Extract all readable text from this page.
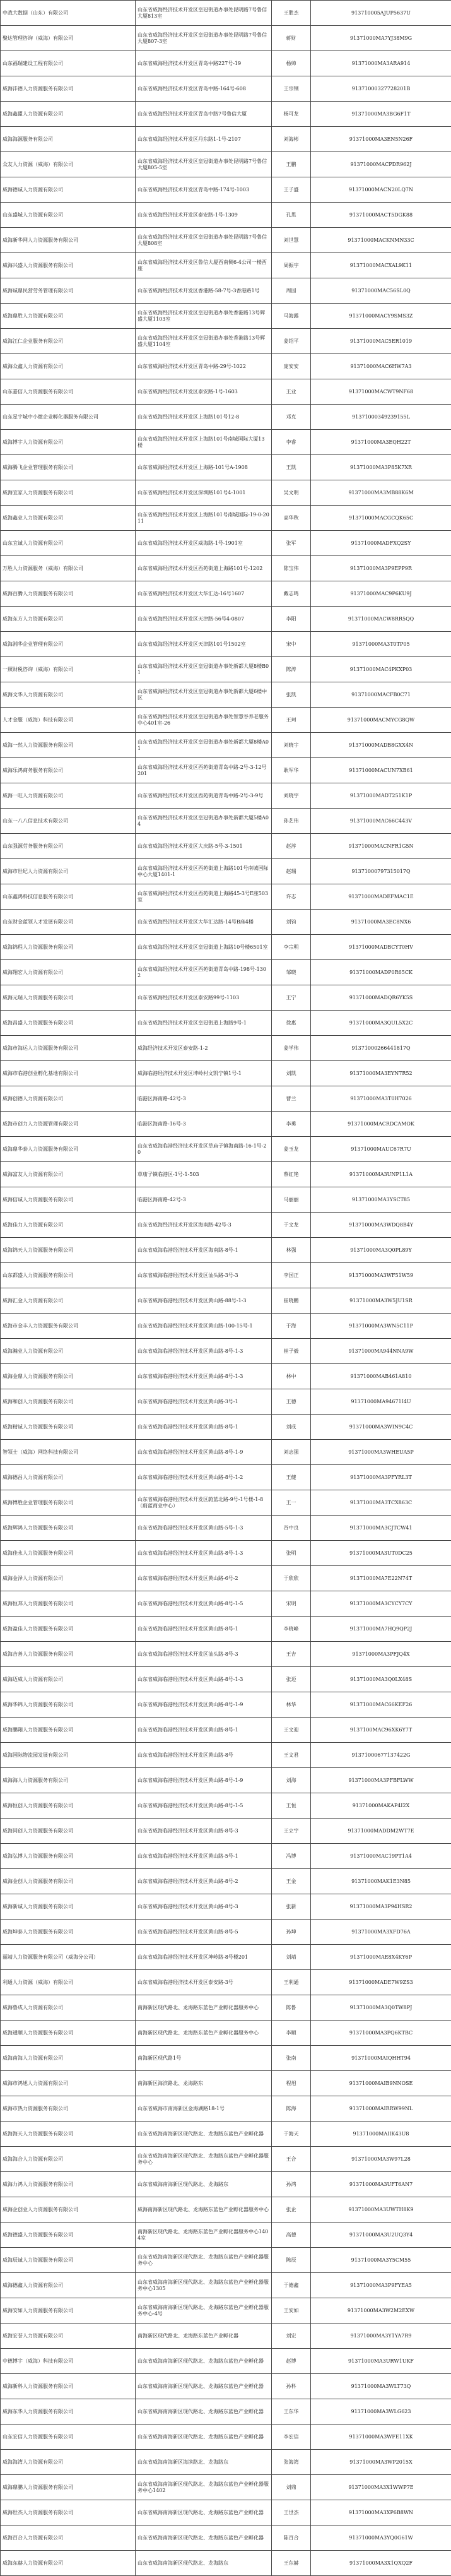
中战大数据（山东）有限公司	山东省威海经济技术开发区皇冠街道办事处昆明路7号鲁信大厦813室	王胜杰	913710005AJUP5637U
聚达管理咨询（威海）有限公司	山东省威海经济技术开发区皇冠街道办事处昆明路7号鲁信大厦807-3室	蒋财	91371000MA7YJ38M9G
山东福瑞建设工程有限公司	山东省威海经济技术开发区青岛中路227号-19	杨帅	91371000MA3ARA914
威海沣德人力资源服务有限公司	山东省威海经济技术开发区青岛中路-164号-608	王宗钢	91371000327728201B
威海鑫盟人力资源有限公司	山东省威海经济技术开发区青岛中路7号鲁信大厦	杨可龙	91371000MA3BG6F1T
威海海源服务有限公司	山东省威海经济技术开发区丹东路1-1号-2107	刘海彬	91371000MA3EN5N26F
众友人力资源（威海）有限公司	山东省威海经济技术开发区皇冠街道办事处昆明路7号鲁信大厦805-5室	王鹏	91371000MACPDR962J
威海德诚人力资源有限公司	山东省威海经济技术开发区青岛中路-174号-1003	王子盛	91371000MACN20LQ7N
山东盛城人力资源有限公司	山东省威海经济技术开发区泰安路-1号-1309	孔思	91371000MACT5DGK88
威海新华网人力资源服务有限公司	山东省威海经济技术开发区皇冠街道办事处昆明路7号鲁信大厦808室	刘世慧	91371000MACKNMN33C
威海兴盛人力资源服务有限公司	山东省威海经济技术开发区鲁信大厦西南侧6-4公司一楼西座	周振宇	91371000MACXAL9K11
威海诚鼎民营劳务管理有限公司	山东省威海经济技术开发区香港路-58-7号-3香港路1号	周园	91371000MAC56SL0Q
威海鼎胜人力资源有限公司	山东省威海经济技术开发区皇冠街道办事处香港路13号辉盛大厦1103室	马海露	91371000MACY9SMS3Z
威海江仁企业服务有限公司	山东省威海经济技术开发区皇冠街道办事处香港路13号辉盛大厦1104室	姜绍平	91371000MAC5ER1019
威海众鑫人力资源有限公司	山东省威海经济技术开发区青岛中路-29号-1022	庞安安	91371000MAC6HW7A3
山东嘉信人力资源服务有限公司	山东省威海经济技术开发区泰安路-1号-1603	王业	91371000MACWT9NF68
山东星宇城中小微企业孵化器服务有限公司	山东省威海经济技术开发区上海路101号12-8	邓克	91371000349239155L
威海博宇人力资源有限公司	山东省威海经济技术开发区上海路101号南城国际大厦13楼	李睿	91371000MA3EQH22T
威海腾飞企业管理服务有限公司	山东省威海经济技术开发区上海路-101号A-1908	王凯	91371000MA3P85K7XR
威海宜家人力资源服务有限公司	山东省威海经济技术开发区深圳路101号4-1001	吴文明	91371000MA3MB88K6M
威海鑫业人力资源有限公司	山东省威海经济技术开发区上海路101号南城国际-19-0-2011	高华秋	91371000MACGCQK65C
山东宜诚人力资源有限公司	山东省威海经济技术开发区威海路-1号-1901室	张军	91371000MADFXQ2SY
万胜人力资源服务（威海）有限公司	山东省威海经济技术开发区西苑街道上海路101号-1202	陈宝伟	91371000MA3P9EPP9R
威海百腾人力资源服务有限公司	山东省威海经济技术开发区大华汇达-16号1607	戴志鸣	91371000MAC9P6KU9J
威海东方人力资源有限公司	山东省威海经济技术开发区天津路-56号4-0807	李阳	91371000MACW8RR5QQ
威海湘华企业管理有限公司	山东省威海经济技术开发区天津路101号1502室	宋中	91371000MA3T0TP05
一照财税咨询（威海）有限公司	山东省威海经济技术开发区皇冠街道办事处新都大厦8楼B01	陈涛	91371000MAC4PKXP03
威海文华人力资源有限公司	山东省威海经济技术开发区皇冠街道办事处新都大厦6楼中区	张凯	91371000MACFB0C71
人才金服（威海）科技有限公司	山东省威海经济技术开发区皇冠街道办事处智慧谷养老服务中心401室-26	王珂	91371000MACMYCG8QW
威海一然人力资源服务有限公司	山东省威海经济技术开发区皇冠街道办事处新都大厦8楼A01	刘晓宇	91371000MADB8GXX4N
威海乐鸿商务服务有限公司	山东省威海经济技术开发区西苑街道青岛中路-2号-3-12号201	耿军华	91371000MACUN7XB61
威海一旺人力资源有限公司	山东省威海经济技术开发区西苑街道青岛中路-2号-3-9号	刘晓宇	91371000MADT251K1P
山东一八八信息技术有限公司	山东省威海经济技术开发区皇冠街道办事处新都大厦5楼A04	孙艺伟	91371000MAC66C443V
山东强源劳务服务有限公司	山东省威海经济技术开发区大庆路-5号-3-1501	赵淳	91371000MACNFR1G5N
威海市世纪人力资源有限公司	山东省威海经济技术开发区西苑街道上海路101号南城国际中心大厦1401-1	赵瑞	91371000797315017Q
山东鑫鸿科技信息服务有限公司	山东省威海经济技术开发区西苑街道上海路45-3号E座503室	许志	91371000MADEFMAC1E
山东财金蓝领人才发展有限公司	山东省威海经济技术开发区大华汇达路-14号B座4楼	刘钧	91371000MA3EC8NX6
威海锦程人力资源服务有限公司	山东省威海经济技术开发区皇冠街道上海路10号楼6501室	李宗明	91371000MADBCYT0HV
威海翔宏人力资源有限公司	山东省威海经济技术开发区西苑街道青岛中路-198号-1302	邹晓	91371000MADP0R65CK
威海元瑞人力资源服务有限公司	山东省威海经济技术开发区泰安路99号-1103	王宁	91371000MADQR6YK5S
威海昌盛人力资源服务有限公司	山东省威海经济技术开发区皇冠街道上海路9号-1	徐惠	91371000MA3QUL5X2C
威海市海运人力资源服务有限公司	威海经济技术开发区泰安路-1-2	姜学伟	91371000266441817Q
威海市临港创业孵化基地有限公司	威海临港经济技术开发区坤岭村文凯宁镇1号-1	刘凯	91371000MA3EYN7R52
威海创德人力资源有限公司	临港区海南路-42号-3	曹兰	91371000MA3T0H7026
威海市创力人力资源管理有限公司	临港区海南路-16号-3	李勇	91371000MACRDCAMOK
威海鼎华泰人力资源服务有限公司	山东省威海临港经济技术开发区草庙子镇海南路-16-1号-20	姜玉龙	91371000MAUC67R7U
威海富友人力资源有限公司	草庙子镇临港区-1号-1-503	蔡红艳	91371000MA3UNP1L1A
威海信诚人力资源服务有限公司	临港区海南路-42号-3	马丽丽	91371000MA3YSCT85
威海佳力人力资源有限公司	山东省威海经济技术开发区海南路-42号-3	于文龙	91371000MA3WDQ8B4Y
威海锦天人力资源服务有限公司	山东省威海临港经济技术开发区海南路-8号-1	林强	91371000MA3Q0PL89Y
山东都盛人力资源服务有限公司	山东省威海临港经济技术开发区汕头路-3号-3	李国正	91371000MA3WF51W59
威海汇金人力资源有限公司	山东省威海临港经济技术开发区黄山路-88号-1-3	崔晓鹏	91371000MA3W5JU1SR
威海市金丰人力资源服务有限公司	山东省威海临港经济技术开发区黄山路-100-15号-1	于海	91371000MA3WN5C11P
威海瀚业人力资源有限公司	山东省威海临港经济技术开发区黄山路-8号-1-3	崔子毅	91371000MA944NNA9W
威海金鼎人力资源服务有限公司	山东省威海临港经济技术开发区黄山路-8号-1-3	林中	91371000MAB461A810
威海和创人力资源服务有限公司	山东省威海临港经济技术开发区黄山路-3号-1	王德	91371000MA94671I4U
威海精诚人力资源服务有限公司	山东省威海临港经济技术开发区黄山路-8号-1	刘成	91371000MA3WIN9C4C
智领士（威海）网络科技有限公司	山东省威海临港经济技术开发区黄山路-8号-1-9	刘志强	91371000MA3WHEUA5P
威海德昌人力资源有限公司	山东省威海临港经济技术开发区黄山路-8号-1-2	王健	91371000MA3PFYRL3T
威海博胜企业管理服务有限公司	山东省威海临港经济技术开发区蔚蓝北路-9号-1号楼-1-8（蔚蓝商业中心）	王一	91371000MA3TCX863C
威海辉鸿人力资源服务有限公司	山东省威海临港经济技术开发区黄山路-5号-1-3	谷中良	91371000MA3CJTCW41
威海佳永人力资源服务有限公司	山东省威海临港经济技术开发区黄山路-8号-1-3	张明	91371000MA3UT0DC25
威海金泽人力资源有限公司	山东省威海临港经济技术开发区黄山路-6号-2	于欣欣	91371000MA7E22N74T
威海恒邦人力资源服务有限公司	山东省威海临港经济技术开发区黄山路-8号-1-5	宋明	91371000MA3CYCY7CY
威海盈佳人力资源服务有限公司	山东省威海临港经济技术开发区黄山路-8号-1	李晓峰	91371000MA7HQ9QP2J
威海吉善人力资源服务有限公司	山东省威海临港经济技术开发区汕头路-8号-3	王吉	91371000MA3PFJQ4X
威海迈威人力资源有限公司	山东省威海临港经济技术开发区黄山路-8号-1-3	张迈	91371000MA3Q0LX48S
威海华锦人力资源服务有限公司	山东省威海临港经济技术开发区黄山路-8号-1-9	林华	91371000MAC66KEF26
威海鹏翔人力资源服务有限公司	山东省威海临港经济技术开发区黄山路-8号-1	王文迎	9137100MAC96XK6Y7T
威海国际物流园发展有限公司	山东省威海临港经济技术开发区黄山路-8号	王文君	91371000677137422G
威海海人力资源服务有限公司	山东省威海临港经济技术开发区黄山路-8号-1-9	刘海	91371000MA3PFBFLWW
威海恒创人力资源服务有限公司	山东省威海临港经济技术开发区黄山路-8号-1-5	王恒	91371000MAKAP4I2X
威海同创人力资源服务有限公司	山东省威海临港经济技术开发区黄山路-8号-3	王立宇	91371000MADDM2WT7E
威海弘博人力资源服务有限公司	山东省威海临港经济技术开发区黄山路-5号-1	冯博	91371000MAC19PT1A4
威海金创人力资源服务有限公司	山东省威海临港经济技术开发区黄山路-8号-2	王金	91371000MAK1E3N85
威海新诚人力资源服务有限公司	山东省威海临港经济技术开发区黄山路-8号-3	张新	91371000MA3P94HSR2
威海坤泰人力资源服务有限公司	山东省威海临港经济技术开发区黄山路-8号-5	孙坤	91371000MA3XFD76A
丽靖人力资源服务有限公司（威海分公司）	山东省威海临港经济技术开发区坤岭路-8号楼201	刘靖	91371000MAE8X4KY6P
利通人力资源（威海）有限公司	山东省威海临港经济技术开发区泰安路-3号	王利通	91371000MADE7W9ZS3
威海鲁成人力资源有限公司	南海新区现代路北、龙海路东蓝色产业孵化器服务中心	陈鲁	91371000MA3Q0TW8PJ
威海通顺人力资源服务有限公司	南海新区现代路北、龙海路东蓝色产业孵化器服务中心	李顺	91371000MA3PQ6KTBC
威海南海人力资源有限公司	南海新区现代路1号	张南	91371000MAIQHHT94
威海市鸿旭人力资源有限公司	南海新区海滨路北、龙海路东	程旭	91371000MAIB9NNOSE
威海市热力资源服务有限公司	山东省威海市南海新区金海湖路18-1号	陈海	91371000MAIRRW99NL
威海海天人力资源服务有限公司	山东省威海南海新区现代路北、龙海路东蓝色产业孵化器	于海天	91371000MAIIK43U8
威海海合人力资源有限公司	山东省威海南海新区现代路北、龙海路东蓝色产业孵化器服务中心	王合	91371000MA3W97L28
威海力鸿人力资源服务有限公司	山东省威海南海新区现代路北、龙海路东	孙鸿	91371000MA3UFT6AN7
威海企创业人力资源服务有限公司	威海南海新区现代路北、龙海路东蓝色产业孵化器服务中心	张企	91371000MA3UWTH8K9
威海德盛人力资源服务有限公司	南海新区现代路北、龙海路东蓝色产业孵化器服务中心1404室	高德	91371000MA3U2UQ3Y4
威海辰诚人力资源服务有限公司	山东省威海南海新区现代路北、龙海路东蓝色产业孵化器服务中心	陈辰	91371000MA3Y5CM55
威海德鑫人力资源有限公司	山东省威海南海新区现代路北、龙海路东蓝色产业孵化器服务中心1305	于德鑫	91371000MA3P9FYEA5
威海安如人力资源服务有限公司	山东省威海南海新区现代路北、龙海路东蓝色产业孵化器服务中心-4号	王安如	91371000MA3W2M2EXW
威海宏誉人力资源有限公司	南海新区现代路北、龙海路东蓝色产业孵化器	刘宏	91371000MA3Y1YA7R9
中德博宇（威海）科技有限公司	山东省威海南海新区现代路北、龙海路东蓝色产业孵化器	赵博	91371000MA3URW1UKF
威海新科人力资源服务有限公司	山东省威海南海新区现代路北、龙海路东蓝色产业孵化器	孙科	91371000MA3WLT73Q
威海东华人力资源服务有限公司	山东省威海南海新区现代路北、龙海路东蓝色产业孵化器	王东华	91371000MA3WLG623
山东宏信人力资源服务有限公司	山东省威海南海新区现代路北、龙海路东蓝色产业孵化器	李宏信	91371000MA3WFE11XK
威海海湾人力资源有限公司	山东省威海南海新区海滨路北、龙海路东	张海湾	91371000MA3WP2015X
威海鼎鹏人力资源服务有限公司	山东省威海南海新区现代路北、龙海路东蓝色产业孵化器服务中心1402	刘鼎	91371000MA3X1WWP7E
威海世杰人力资源服务有限公司	山东省威海南海新区现代路北、龙海路东蓝色产业孵化器	王世杰	91371000MA3XP6B8WN
威海百合人力资源有限公司	山东省威海南海新区现代路北、龙海路东蓝色产业孵化器	陈百合	91371000MA3YQ0G61W
威海东赫人力资源有限公司	山东省威海南海新区现代路北、龙海路东	王东赫	91371000MA3X1QXQ2F
